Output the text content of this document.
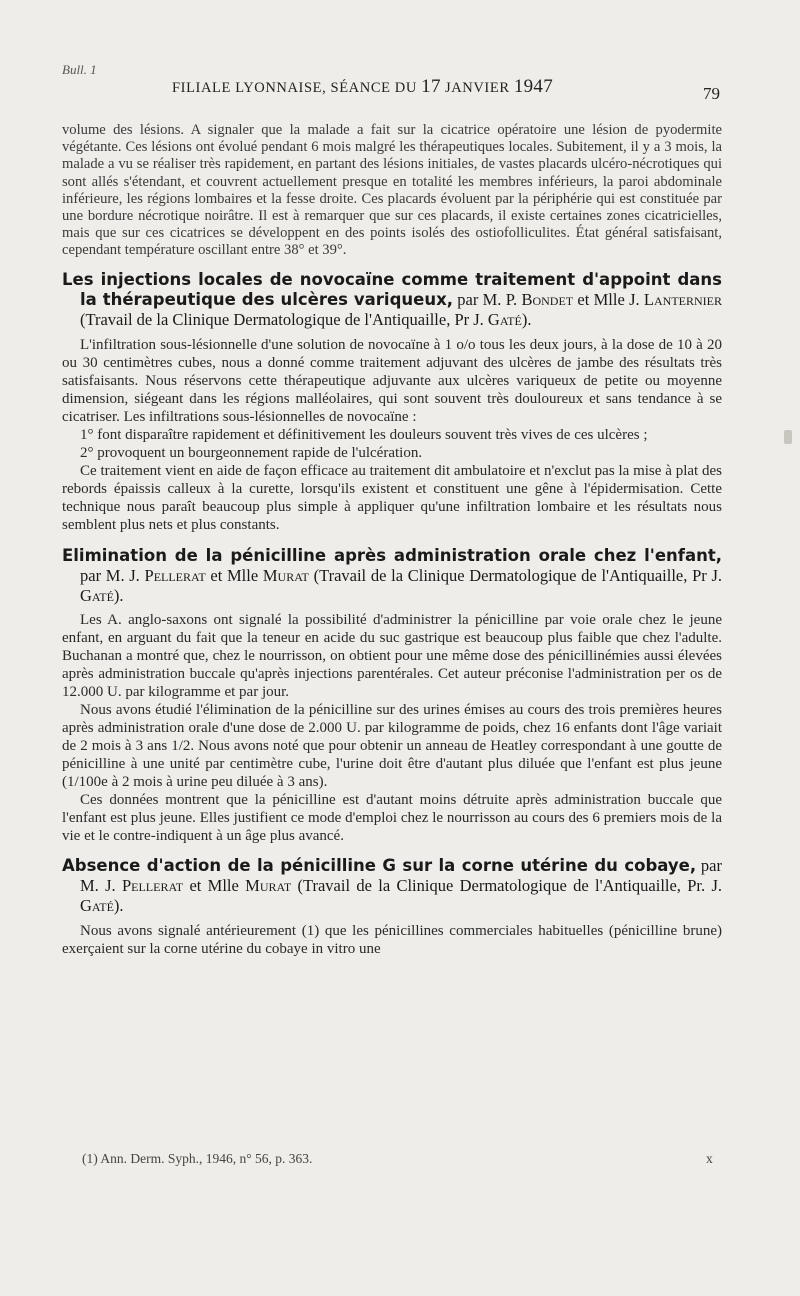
Bull. 1
FILIALE LYONNAISE, SÉANCE DU 17 JANVIER 1947	79

volume des lésions. A signaler que la malade a fait sur la cicatrice opératoire une lésion de pyodermite végétante. Ces lésions ont évolué pendant 6 mois malgré les thérapeutiques locales. Subitement, il y a 3 mois, la malade a vu se réaliser très rapidement, en partant des lésions initiales, de vastes placards ulcéro-nécrotiques qui sont allés s'étendant, et couvrent actuellement presque en totalité les membres inférieurs, la paroi abdominale inférieure, les régions lombaires et la fesse droite. Ces placards évoluent par la périphérie qui est constituée par une bordure nécrotique noirâtre. Il est à remarquer que sur ces placards, il existe certaines zones cicatricielles, mais que sur ces cicatrices se développent en des points isolés des ostiofolliculites. État général satisfaisant, cependant température oscillant entre 38° et 39°.

Les injections locales de novocaïne comme traitement d'appoint dans la thérapeutique des ulcères variqueux, par M. P. Bondet et Mlle J. Lanternier (Travail de la Clinique Dermatologique de l'Antiquaille, Pr J. Gaté).

L'infiltration sous-lésionnelle d'une solution de novocaïne à 1 o/o tous les deux jours, à la dose de 10 à 20 ou 30 centimètres cubes, nous a donné comme traitement adjuvant des ulcères de jambe des résultats très satisfaisants. Nous réservons cette thérapeutique adjuvante aux ulcères variqueux de petite ou moyenne dimension, siégeant dans les régions malléolaires, qui sont souvent très douloureux et sans tendance à se cicatriser. Les infiltrations sous-lésionnelles de novocaïne :

1° font disparaître rapidement et définitivement les douleurs souvent très vives de ces ulcères ;

2° provoquent un bourgeonnement rapide de l'ulcération.

Ce traitement vient en aide de façon efficace au traitement dit ambulatoire et n'exclut pas la mise à plat des rebords épaissis calleux à la curette, lorsqu'ils existent et constituent une gêne à l'épidermisation. Cette technique nous paraît beaucoup plus simple à appliquer qu'une infiltration lombaire et les résultats nous semblent plus nets et plus constants.

Elimination de la pénicilline après administration orale chez l'enfant, par M. J. Pellerat et Mlle Murat (Travail de la Clinique Dermatologique de l'Antiquaille, Pr J. Gaté).

Les A. anglo-saxons ont signalé la possibilité d'administrer la pénicilline par voie orale chez le jeune enfant, en arguant du fait que la teneur en acide du suc gastrique est beaucoup plus faible que chez l'adulte. Buchanan a montré que, chez le nourrisson, on obtient pour une même dose des pénicillinémies aussi élevées après administration buccale qu'après injections parentérales. Cet auteur préconise l'administration per os de 12.000 U. par kilogramme et par jour.

Nous avons étudié l'élimination de la pénicilline sur des urines émises au cours des trois premières heures après administration orale d'une dose de 2.000 U. par kilogramme de poids, chez 16 enfants dont l'âge variait de 2 mois à 3 ans 1/2. Nous avons noté que pour obtenir un anneau de Heatley correspondant à une goutte de pénicilline à une unité par centimètre cube, l'urine doit être d'autant plus diluée que l'enfant est plus jeune (1/100e à 2 mois à urine peu diluée à 3 ans).

Ces données montrent que la pénicilline est d'autant moins détruite après administration buccale que l'enfant est plus jeune. Elles justifient ce mode d'emploi chez le nourrisson au cours des 6 premiers mois de la vie et le contre-indiquent à un âge plus avancé.

Absence d'action de la pénicilline G sur la corne utérine du cobaye, par M. J. Pellerat et Mlle Murat (Travail de la Clinique Dermatologique de l'Antiquaille, Pr. J. Gaté).

Nous avons signalé antérieurement (1) que les pénicillines commerciales habituelles (pénicilline brune) exerçaient sur la corne utérine du cobaye in vitro une

(1) Ann. Derm. Syph., 1946, n° 56, p. 363.	x
